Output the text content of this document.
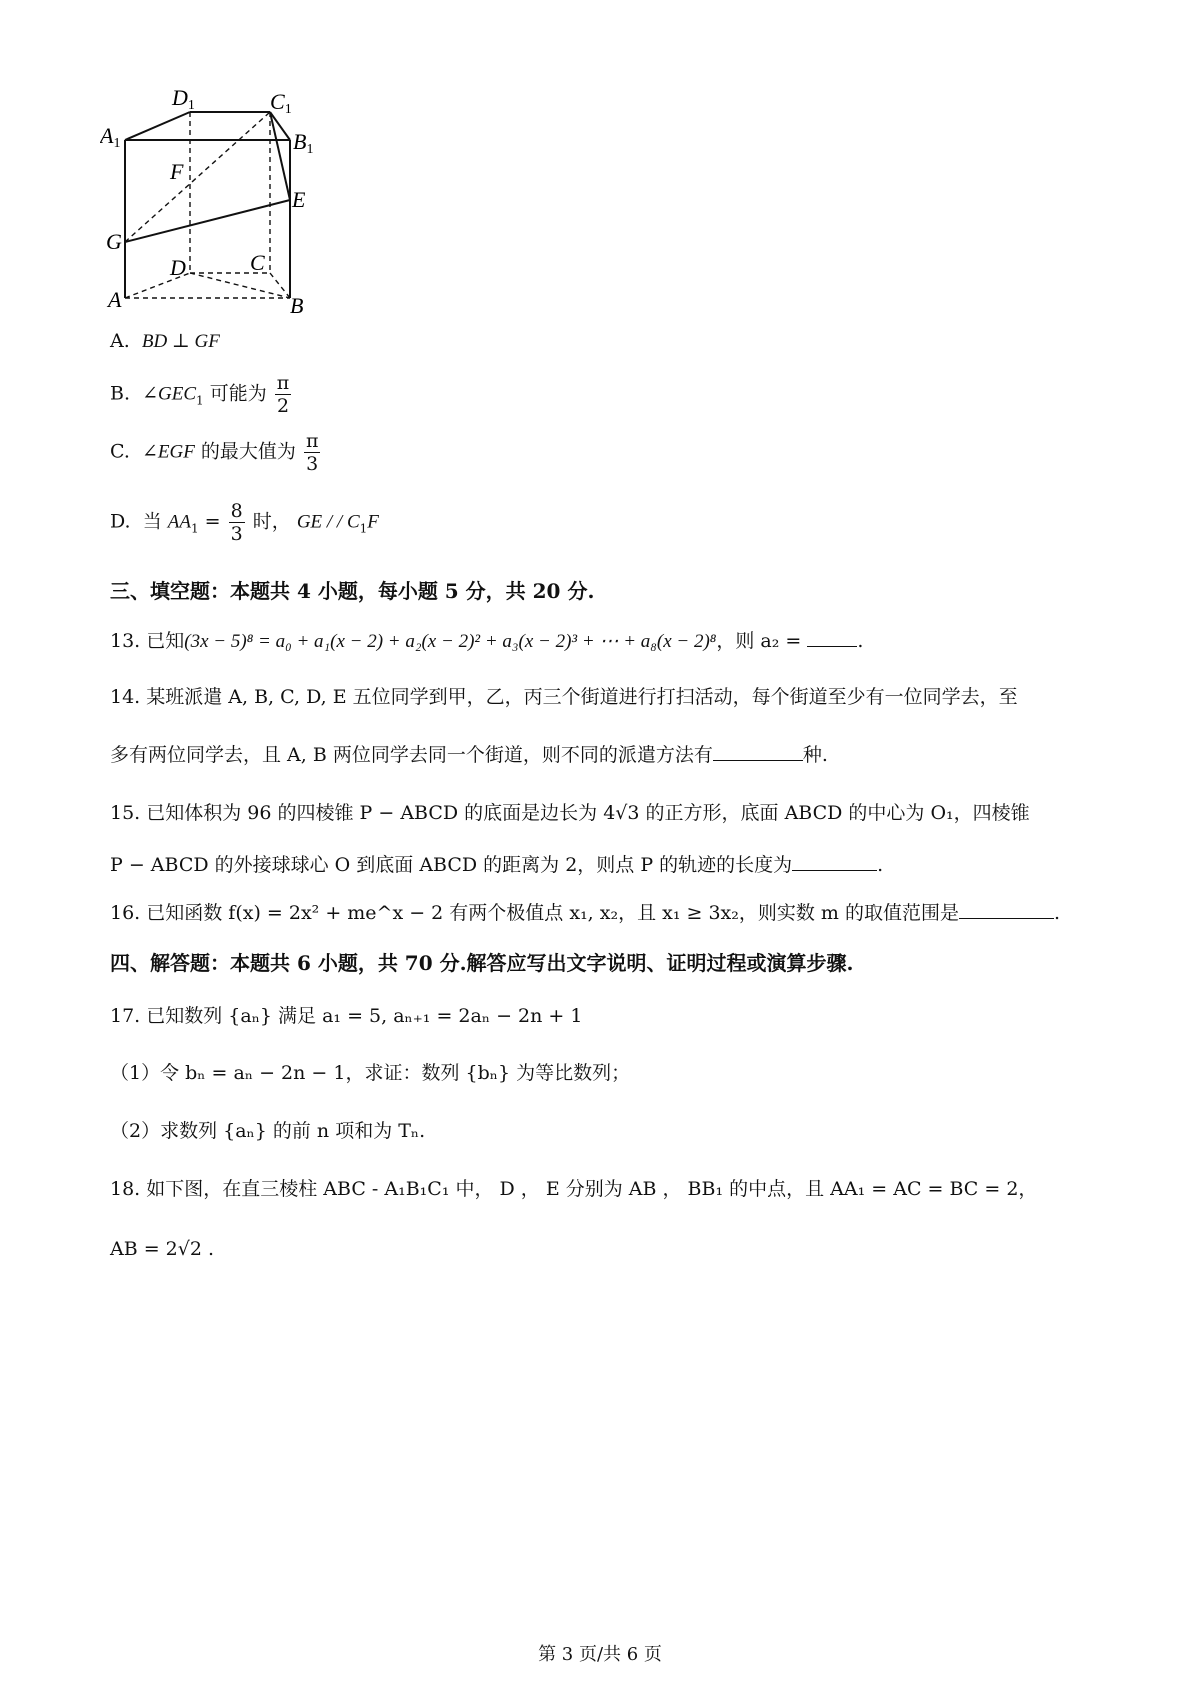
D1	C1
A1	B1
F
E
G
D	C
A	B
A. BD ⊥ GF
B. $\angle GEC_1$ 可能为 $\frac{\pi}{2}$
C. ∠EGF 的最大值为 $\frac{\pi}{3}$
D. 当 $AA_1 = \frac{8}{3}$ 时， GE / / $C_1F$
三、填空题：本题共 4 小题，每小题 5 分，共 20 分.
13. 已知(3x − 5)⁸ = a₀ + a₁(x − 2) + a₂(x − 2)² + a₃(x − 2)³ + ⋯ + a₈(x − 2)⁸，则 a₂ =	.
14. 某班派遣 A, B, C, D, E 五位同学到甲，乙，丙三个街道进行打扫活动，每个街道至少有一位同学去，至
多有两位同学去，且 A, B 两位同学去同一个街道，则不同的派遣方法有	种.
15. 已知体积为 96 的四棱锥 P − ABCD 的底面是边长为 4√3 的正方形，底面 ABCD 的中心为 O₁，四棱锥
P − ABCD 的外接球球心 O 到底面 ABCD 的距离为 2，则点 P 的轨迹的长度为	.
16. 已知函数 f(x) = 2x² + me^x − 2 有两个极值点 x₁, x₂，且 x₁ ≥ 3x₂，则实数 m 的取值范围是	.
四、解答题：本题共 6 小题，共 70 分.解答应写出文字说明、证明过程或演算步骤.
17. 已知数列 {aₙ} 满足 a₁ = 5, aₙ₊₁ = 2aₙ − 2n + 1
（1）令 bₙ = aₙ − 2n − 1，求证：数列 {bₙ} 为等比数列；
（2）求数列 {aₙ} 的前 n 项和为 Tₙ.
18. 如下图，在直三棱柱 ABC - A₁B₁C₁ 中， D ， E 分别为 AB ， BB₁ 的中点，且 AA₁ = AC = BC = 2，
AB = 2√2 .
第 3 页/共 6 页
